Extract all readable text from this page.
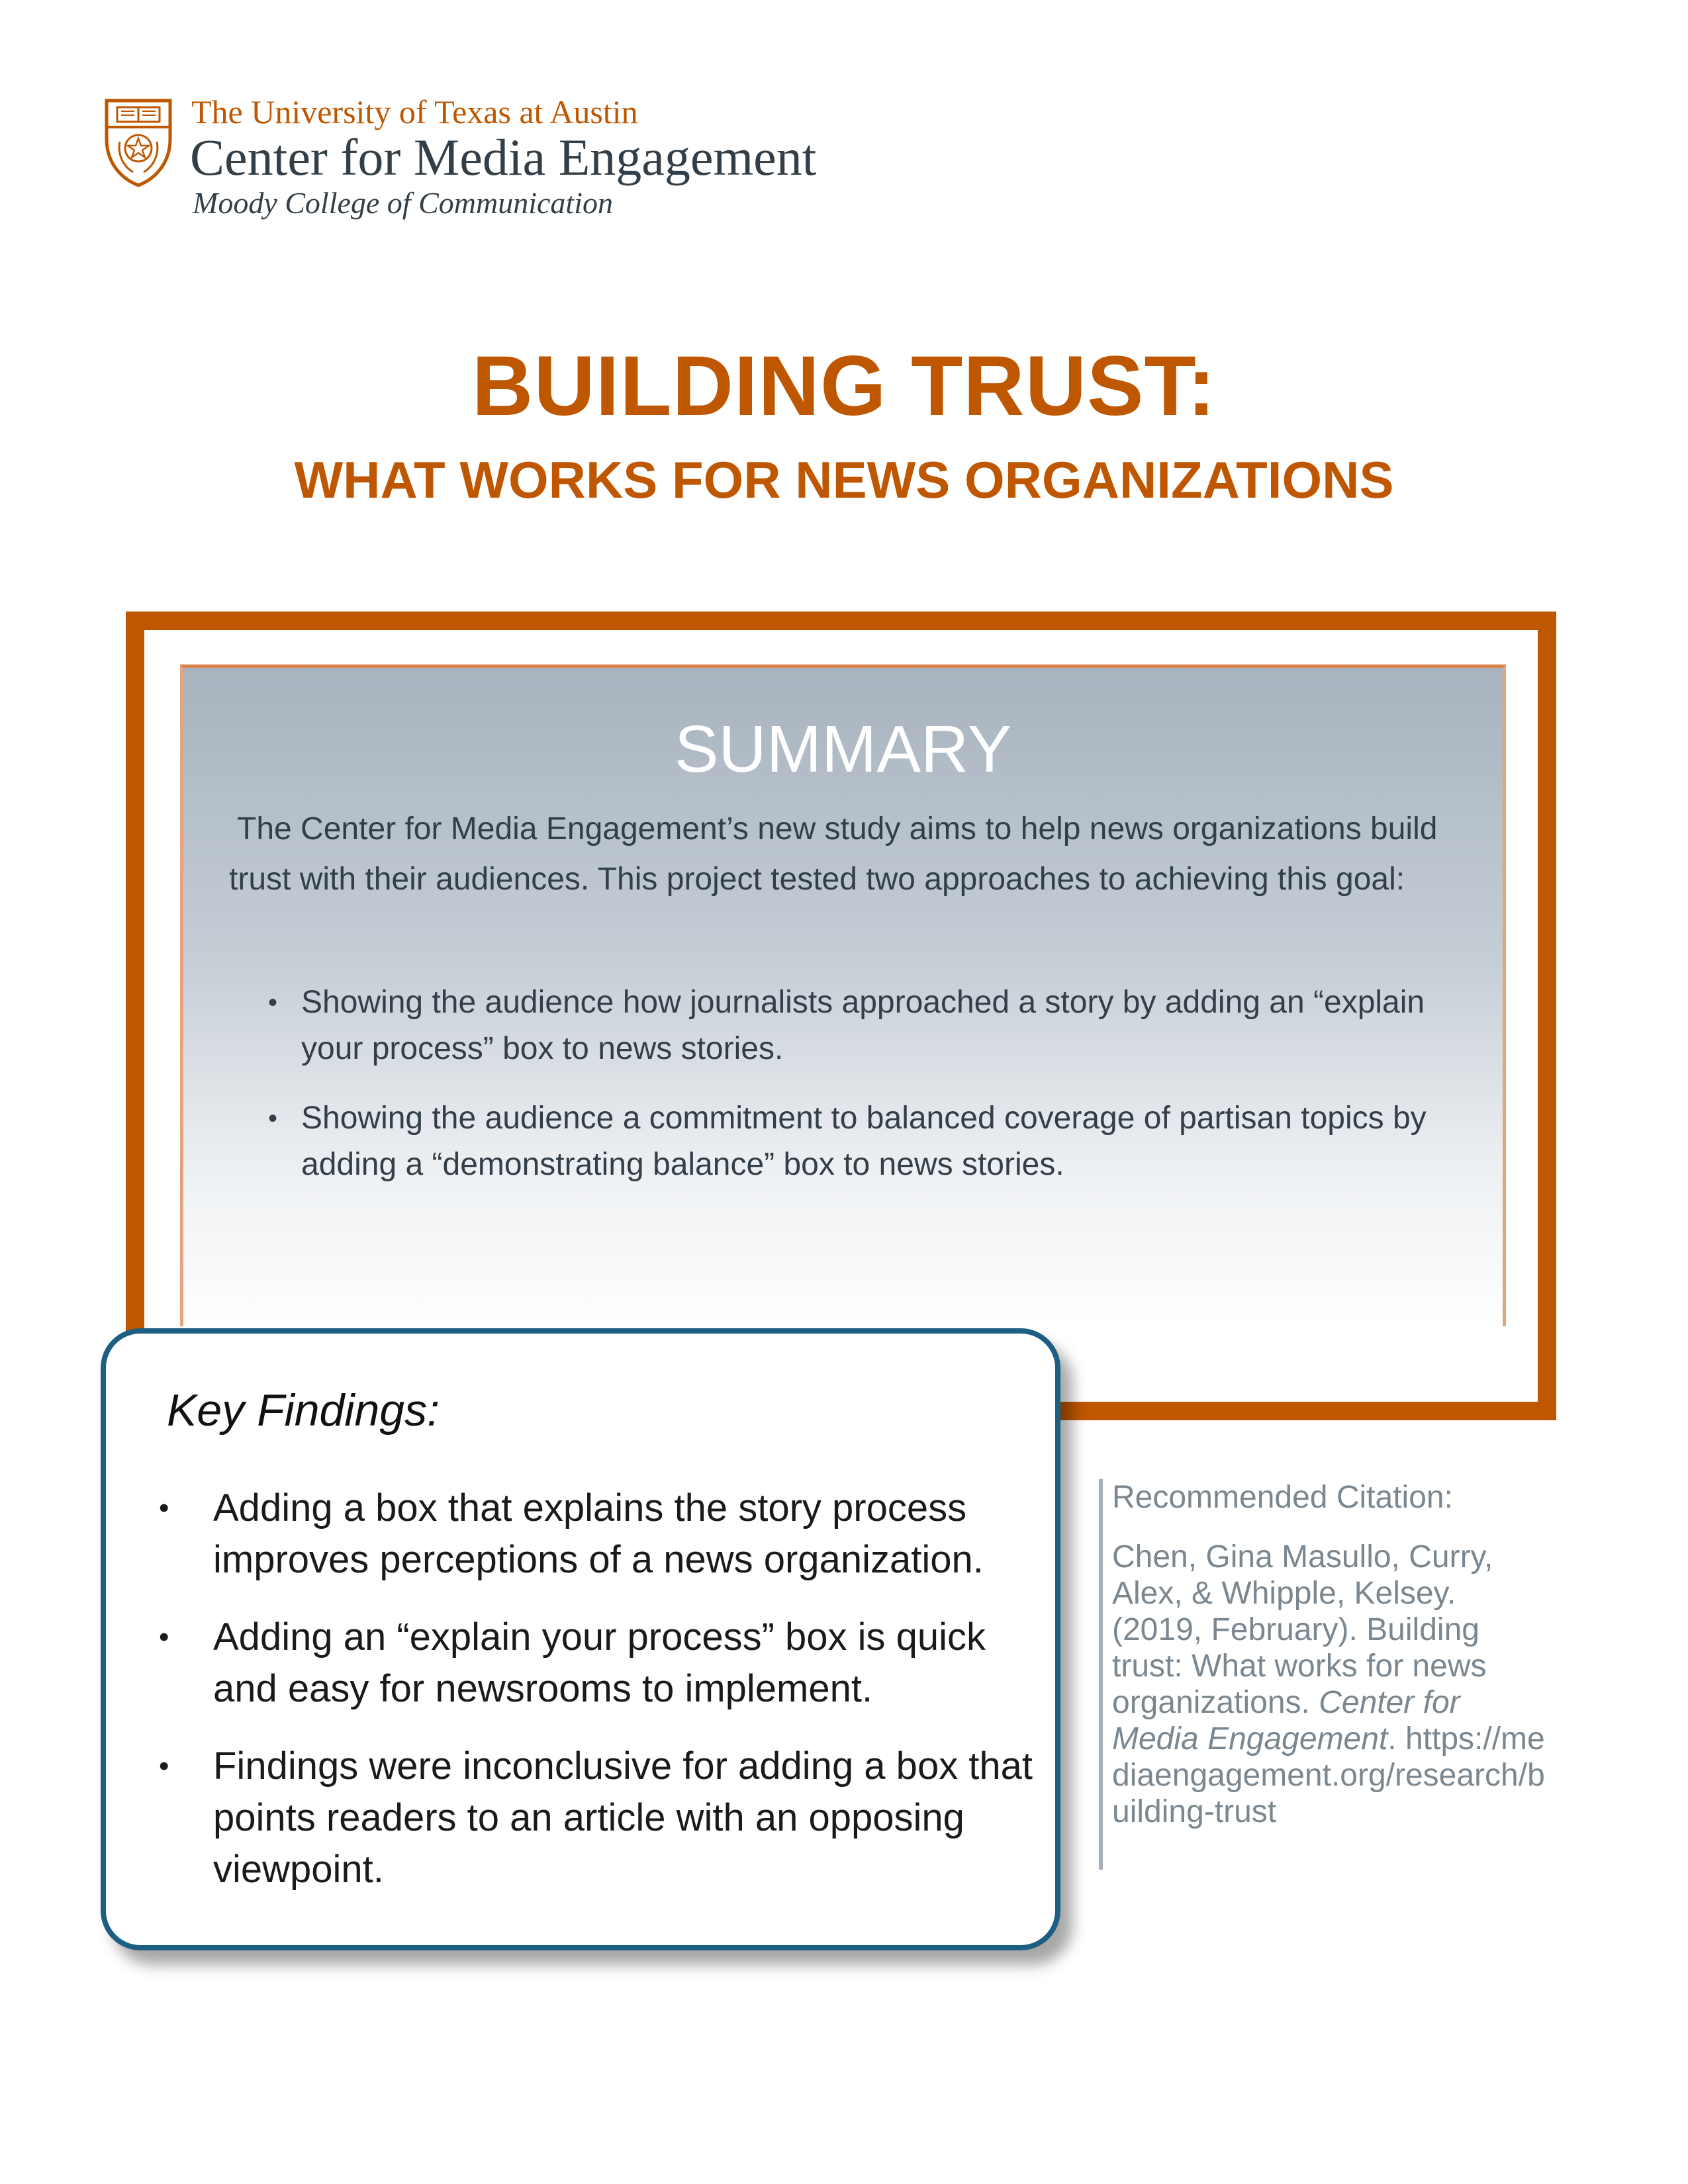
The University of Texas at Austin
Center for Media Engagement
Moody College of Communication
BUILDING TRUST:
WHAT WORKS FOR NEWS ORGANIZATIONS
SUMMARY
The Center for Media Engagement’s new study aims to help news organizations build trust with their audiences. This project tested two approaches to achieving this goal:
• Showing the audience how journalists approached a story by adding an “explain your process” box to news stories.
• Showing the audience a commitment to balanced coverage of partisan topics by adding a “demonstrating balance” box to news stories.
Key Findings:
• Adding a box that explains the story process improves perceptions of a news organization.
• Adding an “explain your process” box is quick and easy for newsrooms to implement.
• Findings were inconclusive for adding a box that points readers to an article with an opposing viewpoint.
Recommended Citation:
Chen, Gina Masullo, Curry, Alex, & Whipple, Kelsey. (2019, February). Building trust: What works for news organizations. Center for Media Engagement. https://mediaengagement.org/research/building-trust
